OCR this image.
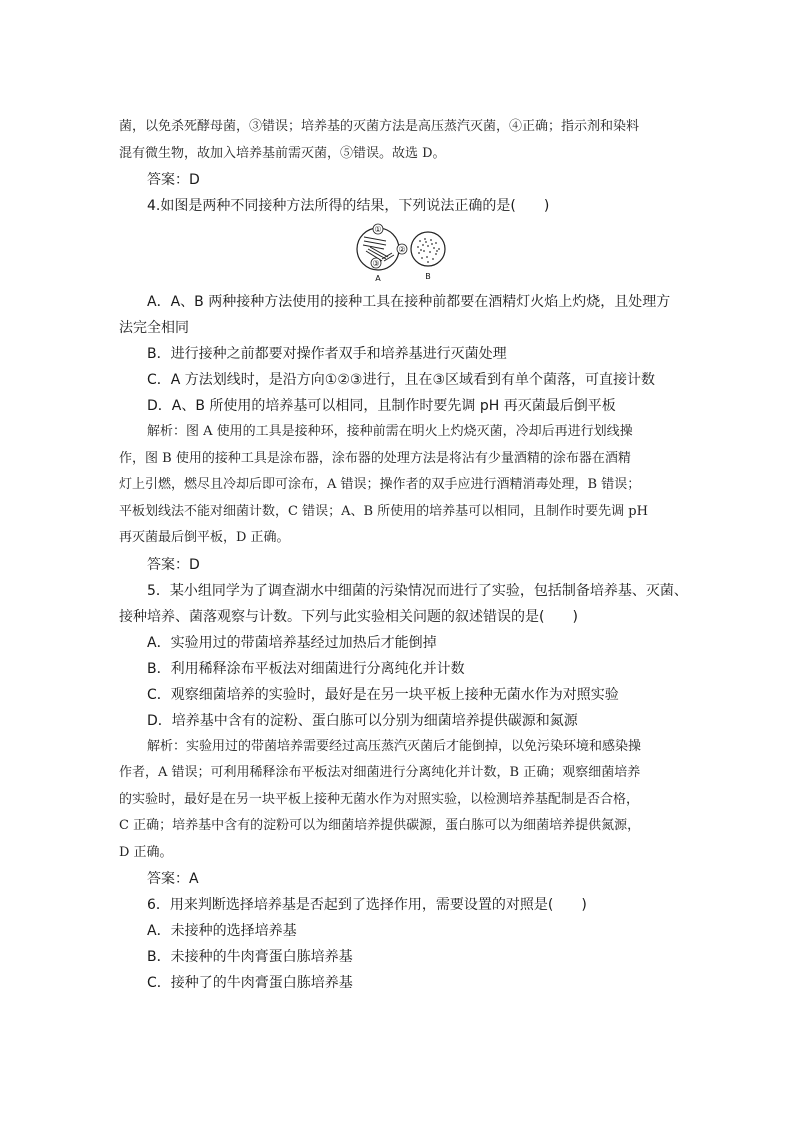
菌，以免杀死酵母菌，③错误；培养基的灭菌方法是高压蒸汽灭菌，④正确；指示剂和染料
混有微生物，故加入培养基前需灭菌，⑤错误。故选 D。
答案：D
4.如图是两种不同接种方法所得的结果，下列说法正确的是(　　)
①
②
③
A	B
A．A、B 两种接种方法使用的接种工具在接种前都要在酒精灯火焰上灼烧，且处理方
法完全相同
B．进行接种之前都要对操作者双手和培养基进行灭菌处理
C．A 方法划线时，是沿方向①②③进行，且在③区域看到有单个菌落，可直接计数
D．A、B 所使用的培养基可以相同，且制作时要先调 pH 再灭菌最后倒平板
解析：图 A 使用的工具是接种环，接种前需在明火上灼烧灭菌，冷却后再进行划线操
作，图 B 使用的接种工具是涂布器，涂布器的处理方法是将沾有少量酒精的涂布器在酒精
灯上引燃，燃尽且冷却后即可涂布，A 错误；操作者的双手应进行酒精消毒处理，B 错误；
平板划线法不能对细菌计数，C 错误；A、B 所使用的培养基可以相同，且制作时要先调 pH
再灭菌最后倒平板，D 正确。
答案：D
5．某小组同学为了调查湖水中细菌的污染情况而进行了实验，包括制备培养基、灭菌、
接种培养、菌落观察与计数。下列与此实验相关问题的叙述错误的是(　　)
A．实验用过的带菌培养基经过加热后才能倒掉
B．利用稀释涂布平板法对细菌进行分离纯化并计数
C．观察细菌培养的实验时，最好是在另一块平板上接种无菌水作为对照实验
D．培养基中含有的淀粉、蛋白胨可以分别为细菌培养提供碳源和氮源
解析：实验用过的带菌培养需要经过高压蒸汽灭菌后才能倒掉，以免污染环境和感染操
作者，A 错误；可利用稀释涂布平板法对细菌进行分离纯化并计数，B 正确；观察细菌培养
的实验时，最好是在另一块平板上接种无菌水作为对照实验，以检测培养基配制是否合格，
C 正确；培养基中含有的淀粉可以为细菌培养提供碳源，蛋白胨可以为细菌培养提供氮源，
D 正确。
答案：A
6．用来判断选择培养基是否起到了选择作用，需要设置的对照是(　　)
A．未接种的选择培养基
B．未接种的牛肉膏蛋白胨培养基
C．接种了的牛肉膏蛋白胨培养基
